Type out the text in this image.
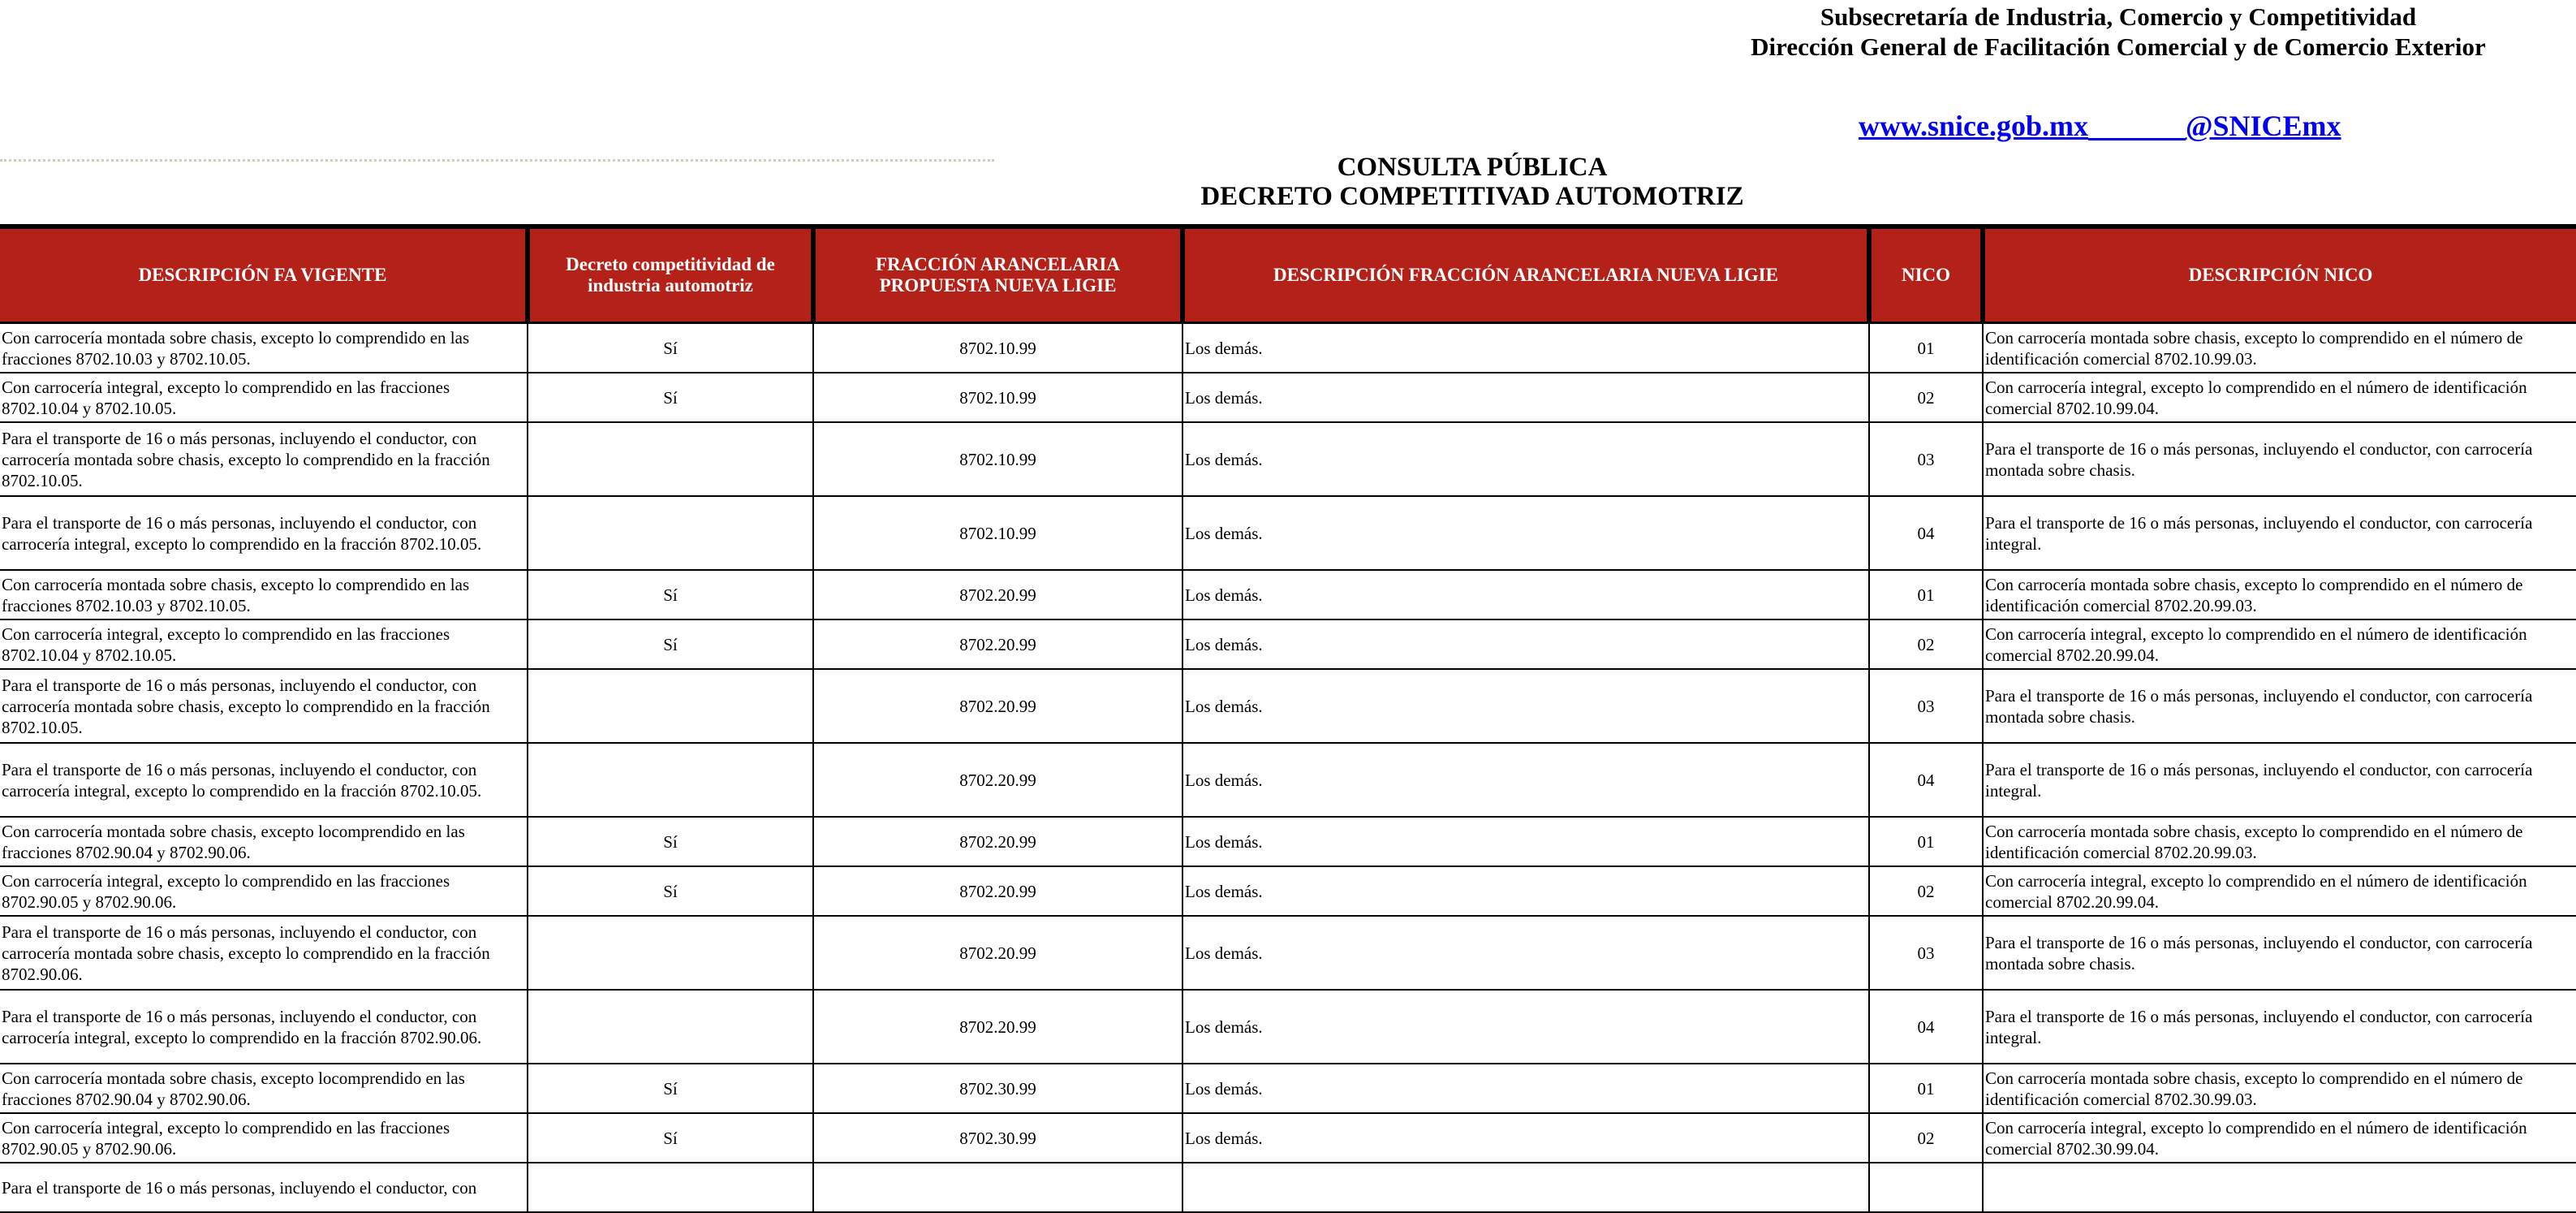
Subsecretaría de Industria, Comercio y Competitividad
Dirección General de Facilitación Comercial y de Comercio Exterior
www.snice.gob.mx	@SNICEmx
CONSULTA PÚBLICA
DECRETO COMPETITIVAD AUTOMOTRIZ
DESCRIPCIÓN FA VIGENTE	Decreto competitividad de industria automotriz	FRACCIÓN ARANCELARIA PROPUESTA NUEVA LIGIE	DESCRIPCIÓN FRACCIÓN ARANCELARIA NUEVA LIGIE	NICO	DESCRIPCIÓN NICO
Con carrocería montada sobre chasis, excepto lo comprendido en las fracciones 8702.10.03 y 8702.10.05.	Sí	8702.10.99	Los demás.	01	Con carrocería montada sobre chasis, excepto lo comprendido en el número de identificación comercial 8702.10.99.03.
Con carrocería integral, excepto lo comprendido en las fracciones 8702.10.04 y 8702.10.05.	Sí	8702.10.99	Los demás.	02	Con carrocería integral, excepto lo comprendido en el número de identificación comercial 8702.10.99.04.
Para el transporte de 16 o más personas, incluyendo el conductor, con carrocería montada sobre chasis, excepto lo comprendido en la fracción 8702.10.05.		8702.10.99	Los demás.	03	Para el transporte de 16 o más personas, incluyendo el conductor, con carrocería montada sobre chasis.
Para el transporte de 16 o más personas, incluyendo el conductor, con carrocería integral, excepto lo comprendido en la fracción 8702.10.05.		8702.10.99	Los demás.	04	Para el transporte de 16 o más personas, incluyendo el conductor, con carrocería integral.
Con carrocería montada sobre chasis, excepto lo comprendido en las fracciones 8702.10.03 y 8702.10.05.	Sí	8702.20.99	Los demás.	01	Con carrocería montada sobre chasis, excepto lo comprendido en el número de identificación comercial 8702.20.99.03.
Con carrocería integral, excepto lo comprendido en las fracciones 8702.10.04 y 8702.10.05.	Sí	8702.20.99	Los demás.	02	Con carrocería integral, excepto lo comprendido en el número de identificación comercial 8702.20.99.04.
Para el transporte de 16 o más personas, incluyendo el conductor, con carrocería montada sobre chasis, excepto lo comprendido en la fracción 8702.10.05.		8702.20.99	Los demás.	03	Para el transporte de 16 o más personas, incluyendo el conductor, con carrocería montada sobre chasis.
Para el transporte de 16 o más personas, incluyendo el conductor, con carrocería integral, excepto lo comprendido en la fracción 8702.10.05.		8702.20.99	Los demás.	04	Para el transporte de 16 o más personas, incluyendo el conductor, con carrocería integral.
Con carrocería montada sobre chasis, excepto locomprendido en las fracciones 8702.90.04 y 8702.90.06.	Sí	8702.20.99	Los demás.	01	Con carrocería montada sobre chasis, excepto lo comprendido en el número de identificación comercial 8702.20.99.03.
Con carrocería integral, excepto lo comprendido en las fracciones 8702.90.05 y 8702.90.06.	Sí	8702.20.99	Los demás.	02	Con carrocería integral, excepto lo comprendido en el número de identificación comercial 8702.20.99.04.
Para el transporte de 16 o más personas, incluyendo el conductor, con carrocería montada sobre chasis, excepto lo comprendido en la fracción 8702.90.06.		8702.20.99	Los demás.	03	Para el transporte de 16 o más personas, incluyendo el conductor, con carrocería montada sobre chasis.
Para el transporte de 16 o más personas, incluyendo el conductor, con carrocería integral, excepto lo comprendido en la fracción 8702.90.06.		8702.20.99	Los demás.	04	Para el transporte de 16 o más personas, incluyendo el conductor, con carrocería integral.
Con carrocería montada sobre chasis, excepto locomprendido en las fracciones 8702.90.04 y 8702.90.06.	Sí	8702.30.99	Los demás.	01	Con carrocería montada sobre chasis, excepto lo comprendido en el número de identificación comercial 8702.30.99.03.
Con carrocería integral, excepto lo comprendido en las fracciones 8702.90.05 y 8702.90.06.	Sí	8702.30.99	Los demás.	02	Con carrocería integral, excepto lo comprendido en el número de identificación comercial 8702.30.99.04.
Para el transporte de 16 o más personas, incluyendo el conductor, con					
